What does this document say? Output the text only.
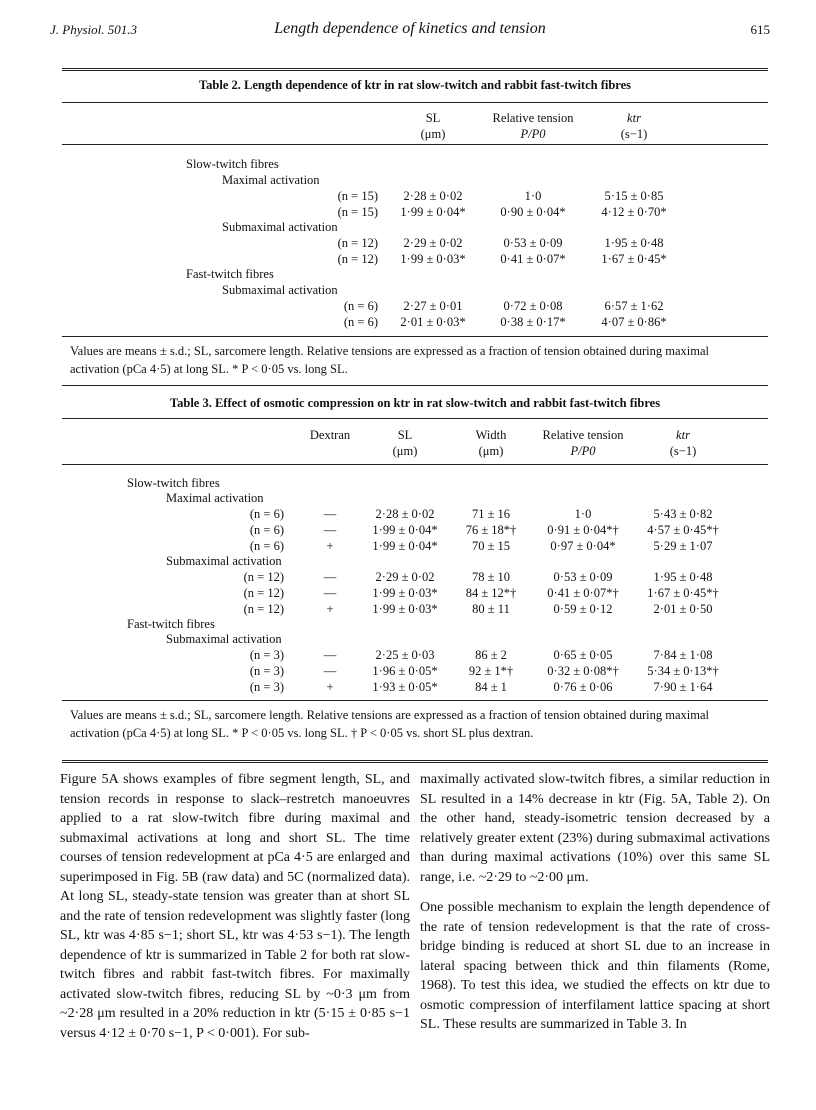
J. Physiol. 501.3	Length dependence of kinetics and tension	615
Table 2. Length dependence of ktr in rat slow-twitch and rabbit fast-twitch fibres
SL
(μm)
Relative tension
P/P0
ktr
(s−1)
Slow-twitch fibres
Maximal activation
(n = 15) 2·28 ± 0·02	1·0	5·15 ± 0·85
(n = 15) 1·99 ± 0·04*	0·90 ± 0·04*	4·12 ± 0·70*
Submaximal activation
(n = 12) 2·29 ± 0·02	0·53 ± 0·09	1·95 ± 0·48
(n = 12) 1·99 ± 0·03*	0·41 ± 0·07*	1·67 ± 0·45*
Fast-twitch fibres
Submaximal activation
(n = 6) 2·27 ± 0·01	0·72 ± 0·08	6·57 ± 1·62
(n = 6) 2·01 ± 0·03*	0·38 ± 0·17*	4·07 ± 0·86*
Values are means ± s.d.; SL, sarcomere length. Relative tensions are expressed as a fraction of tension obtained during maximal activation (pCa 4·5) at long SL. * P < 0·05 vs. long SL.
Table 3. Effect of osmotic compression on ktr in rat slow-twitch and rabbit fast-twitch fibres
Dextran	SL
(μm)
Width
(μm)
Relative tension
P/P0
ktr
(s−1)
Slow-twitch fibres
Maximal activation
(n = 6)	—	2·28 ± 0·02	71 ± 16	1·0	5·43 ± 0·82
(n = 6)	—	1·99 ± 0·04* 76 ± 18*† 0·91 ± 0·04*† 4·57 ± 0·45*†
(n = 6)	+	1·99 ± 0·04*	70 ± 15	0·97 ± 0·04*	5·29 ± 1·07
Submaximal activation
(n = 12)	—	2·29 ± 0·02	78 ± 10	0·53 ± 0·09	1·95 ± 0·48
(n = 12)	—	1·99 ± 0·03* 84 ± 12*† 0·41 ± 0·07*† 1·67 ± 0·45*†
(n = 12)	+	1·99 ± 0·03*	80 ± 11	0·59 ± 0·12	2·01 ± 0·50
Fast-twitch fibres
Submaximal activation
(n = 3)	—	2·25 ± 0·03	86 ± 2	0·65 ± 0·05	7·84 ± 1·08
(n = 3)	—	1·96 ± 0·05* 92 ± 1*†	0·32 ± 0·08*† 5·34 ± 0·13*†
(n = 3)	+	1·93 ± 0·05*	84 ± 1	0·76 ± 0·06	7·90 ± 1·64
Values are means ± s.d.; SL, sarcomere length. Relative tensions are expressed as a fraction of tension obtained during maximal activation (pCa 4·5) at long SL. * P < 0·05 vs. long SL. † P < 0·05 vs. short SL plus dextran.

Figure 5A shows examples of fibre segment length, SL, and tension records in response to slack–restretch manoeuvres applied to a rat slow-twitch fibre during maximal and submaximal activations at long and short SL. The time courses of tension redevelopment at pCa 4·5 are enlarged and superimposed in Fig. 5B (raw data) and 5C (normalized data). At long SL, steady-state tension was greater than at short SL and the rate of tension redevelopment was slightly faster (long SL, ktr was 4·85 s−1; short SL, ktr was 4·53 s−1). The length dependence of ktr is summarized in Table 2 for both rat slow-twitch fibres and rabbit fast-twitch fibres. For maximally activated slow-twitch fibres, reducing SL by ~0·3 μm from ~2·28 μm resulted in a 20% reduction in ktr (5·15 ± 0·85 s−1 versus 4·12 ± 0·70 s−1, P < 0·001). For sub-

maximally activated slow-twitch fibres, a similar reduction in SL resulted in a 14% decrease in ktr (Fig. 5A, Table 2). On the other hand, steady-isometric tension decreased by a relatively greater extent (23%) during submaximal activations than during maximal activations (10%) over this same SL range, i.e. ~2·29 to ~2·00 μm.

One possible mechanism to explain the length dependence of the rate of tension redevelopment is that the rate of cross-bridge binding is reduced at short SL due to an increase in lateral spacing between thick and thin filaments (Rome, 1968). To test this idea, we studied the effects on ktr due to osmotic compression of interfilament lattice spacing at short SL. These results are summarized in Table 3. In
